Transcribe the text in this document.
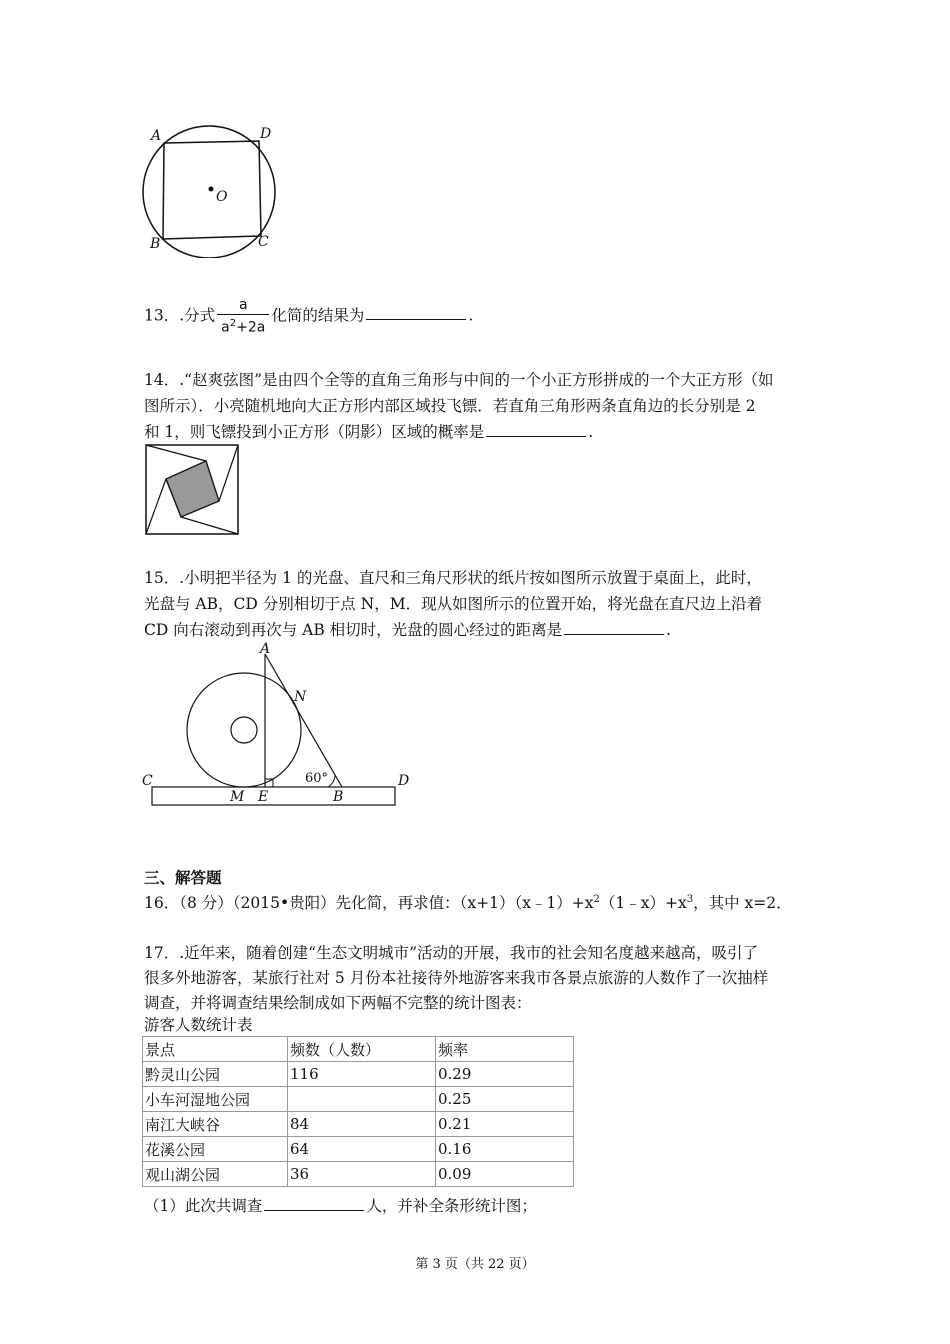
A	D
O
B	C
13．.分式 $\frac{a}{a^2+2a}$ 化简的结果为	.
14．.“赵爽弦图”是由四个全等的直角三角形与中间的一个小正方形拼成的一个大正方形（如
图所示）．小亮随机地向大正方形内部区域投飞镖．若直角三角形两条直角边的长分别是 2
和 1，则飞镖投到小正方形（阴影）区域的概率是	.
15．.小明把半径为 1 的光盘、直尺和三角尺形状的纸片按如图所示放置于桌面上，此时，
光盘与 AB，CD 分别相切于点 N，M．现从如图所示的位置开始，将光盘在直尺边上沿着
CD 向右滚动到再次与 AB 相切时，光盘的圆心经过的距离是	.
A
N
C	D
M E	B
60°
三、解答题
16．（8 分）（2015•贵阳）先化简，再求值：$(x+1)(x﹣1)+x^2(1﹣x)+x^3$，其中 x=2．
17．.近年来，随着创建“生态文明城市”活动的开展，我市的社会知名度越来越高，吸引了
很多外地游客，某旅行社对 5 月份本社接待外地游客来我市各景点旅游的人数作了一次抽样
调查，并将调查结果绘制成如下两幅不完整的统计图表：
游客人数统计表
景点	频数（人数）	频率
黔灵山公园	116	0.29
小车河湿地公园		0.25
南江大峡谷	84	0.21
花溪公园	64	0.16
观山湖公园	36	0.09
（1）此次共调查	人，并补全条形统计图；
第 3 页（共 22 页）
